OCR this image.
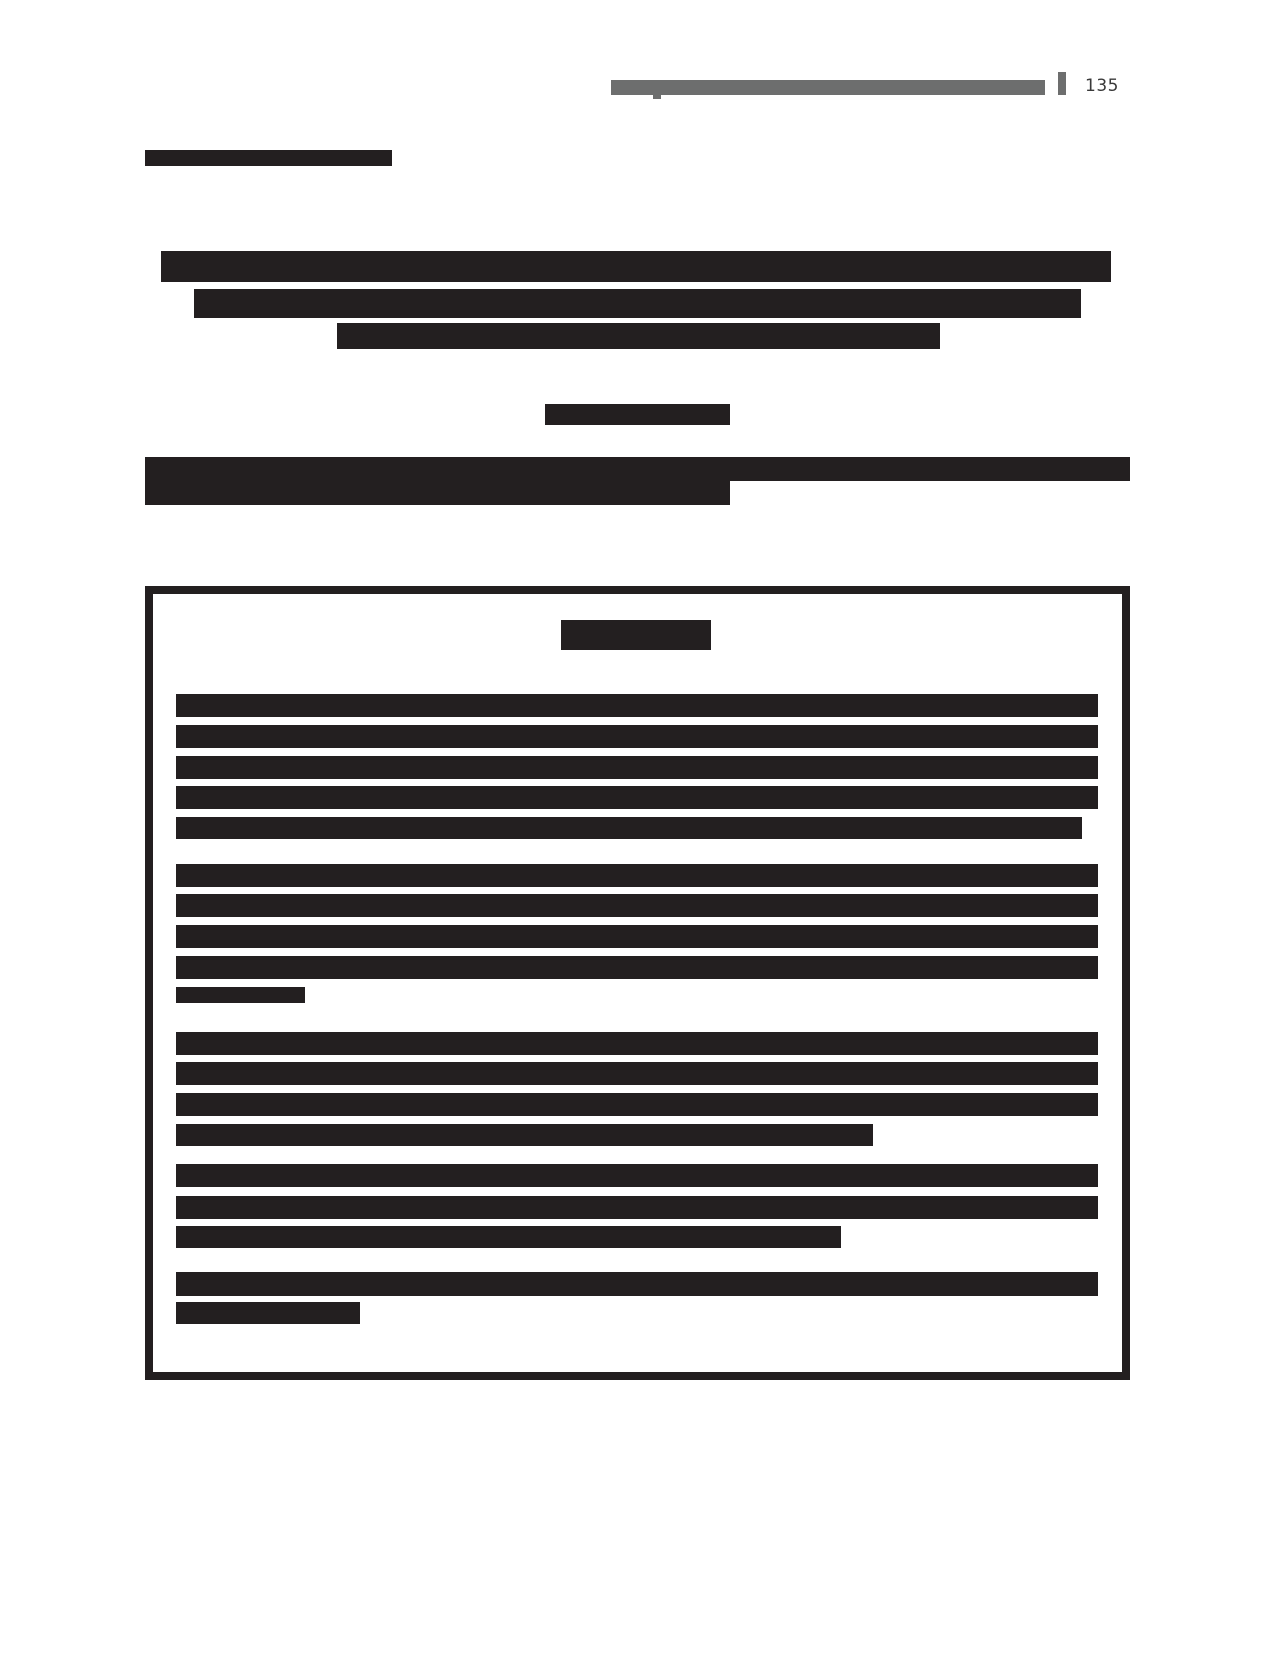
135
